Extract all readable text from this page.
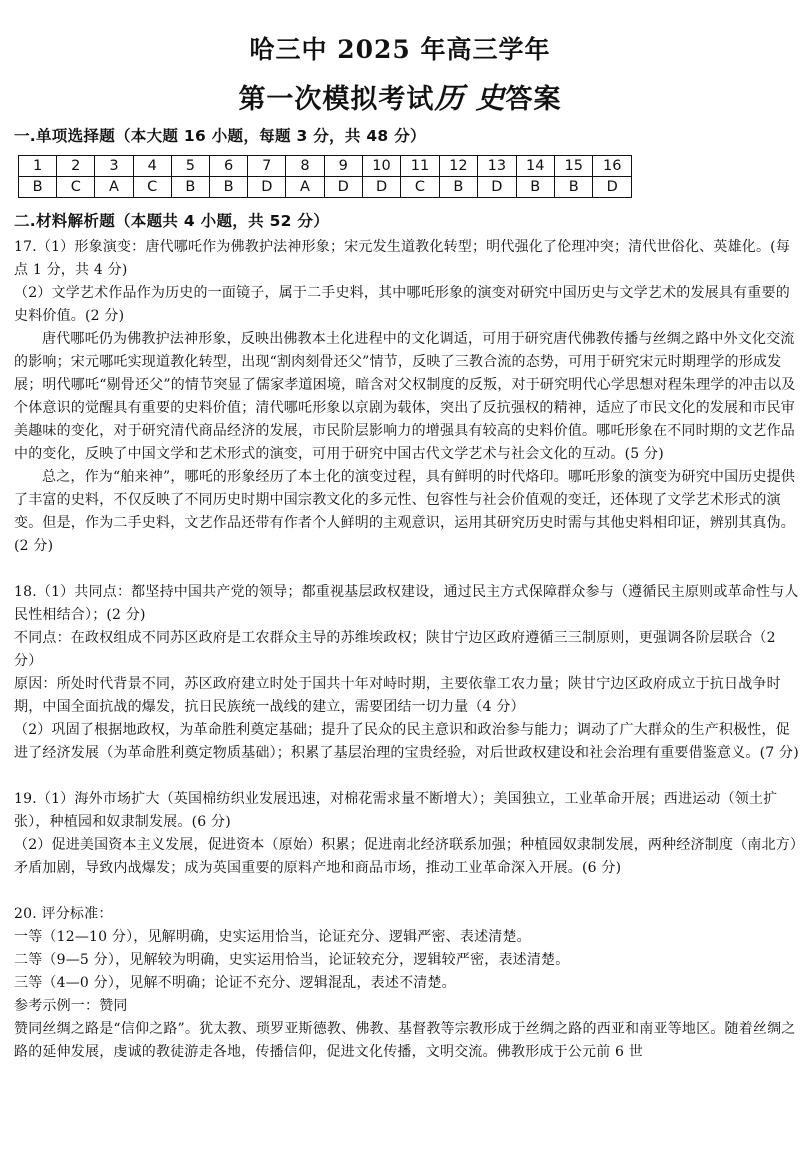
哈三中 2025 年高三学年
第一次模拟考试历 史答案
一.单项选择题（本大题 16 小题，每题 3 分，共 48 分）
1	2	3	4	5	6	7	8	9	10	11	12	13	14	15	16
B	C	A	C	B	B	D	A	D	D	C	B	D	B	B	D
二.材料解析题（本题共 4 小题，共 52 分）

17.（1）形象演变：唐代哪吒作为佛教护法神形象；宋元发生道教化转型；明代强化了伦理冲突；清代世俗化、英雄化。(每点 1 分，共 4 分)

（2）文学艺术作品作为历史的一面镜子，属于二手史料，其中哪吒形象的演变对研究中国历史与文学艺术的发展具有重要的史料价值。(2 分)

唐代哪吒仍为佛教护法神形象，反映出佛教本土化进程中的文化调适，可用于研究唐代佛教传播与丝绸之路中外文化交流的影响；宋元哪吒实现道教化转型，出现“割肉刻骨还父”情节，反映了三教合流的态势，可用于研究宋元时期理学的形成发展；明代哪吒“剔骨还父”的情节突显了儒家孝道困境，暗含对父权制度的反叛，对于研究明代心学思想对程朱理学的冲击以及个体意识的觉醒具有重要的史料价值；清代哪吒形象以京剧为载体，突出了反抗强权的精神，适应了市民文化的发展和市民审美趣味的变化，对于研究清代商品经济的发展，市民阶层影响力的增强具有较高的史料价值。哪吒形象在不同时期的文艺作品中的变化，反映了中国文学和艺术形式的演变，可用于研究中国古代文学艺术与社会文化的互动。(5 分)

总之，作为“舶来神”，哪吒的形象经历了本土化的演变过程，具有鲜明的时代烙印。哪吒形象的演变为研究中国历史提供了丰富的史料，不仅反映了不同历史时期中国宗教文化的多元性、包容性与社会价值观的变迁，还体现了文学艺术形式的演变。但是，作为二手史料，文艺作品还带有作者个人鲜明的主观意识，运用其研究历史时需与其他史料相印证，辨别其真伪。(2 分)

18.（1）共同点：都坚持中国共产党的领导；都重视基层政权建设，通过民主方式保障群众参与（遵循民主原则或革命性与人民性相结合）；(2 分)

不同点：在政权组成不同苏区政府是工农群众主导的苏维埃政权；陕甘宁边区政府遵循三三制原则，更强调各阶层联合（2 分）

原因：所处时代背景不同，苏区政府建立时处于国共十年对峙时期，主要依靠工农力量；陕甘宁边区政府成立于抗日战争时期，中国全面抗战的爆发，抗日民族统一战线的建立，需要团结一切力量（4 分）

（2）巩固了根据地政权，为革命胜利奠定基础；提升了民众的民主意识和政治参与能力；调动了广大群众的生产积极性，促进了经济发展（为革命胜利奠定物质基础）；积累了基层治理的宝贵经验，对后世政权建设和社会治理有重要借鉴意义。(7 分)

19.（1）海外市场扩大（英国棉纺织业发展迅速，对棉花需求量不断增大）；美国独立，工业革命开展；西进运动（领土扩张），种植园和奴隶制发展。(6 分)

（2）促进美国资本主义发展，促进资本（原始）积累；促进南北经济联系加强；种植园奴隶制发展，两种经济制度（南北方）矛盾加剧，导致内战爆发；成为英国重要的原料产地和商品市场，推动工业革命深入开展。(6 分)

20. 评分标准：

一等（12—10 分），见解明确，史实运用恰当，论证充分、逻辑严密、表述清楚。

二等（9—5 分），见解较为明确，史实运用恰当，论证较充分，逻辑较严密，表述清楚。

三等（4—0 分），见解不明确；论证不充分、逻辑混乱，表述不清楚。

参考示例一：赞同

赞同丝绸之路是“信仰之路”。犹太教、琐罗亚斯德教、佛教、基督教等宗教形成于丝绸之路的西亚和南亚等地区。随着丝绸之路的延伸发展，虔诚的教徒游走各地，传播信仰，促进文化传播，文明交流。佛教形成于公元前 6 世
